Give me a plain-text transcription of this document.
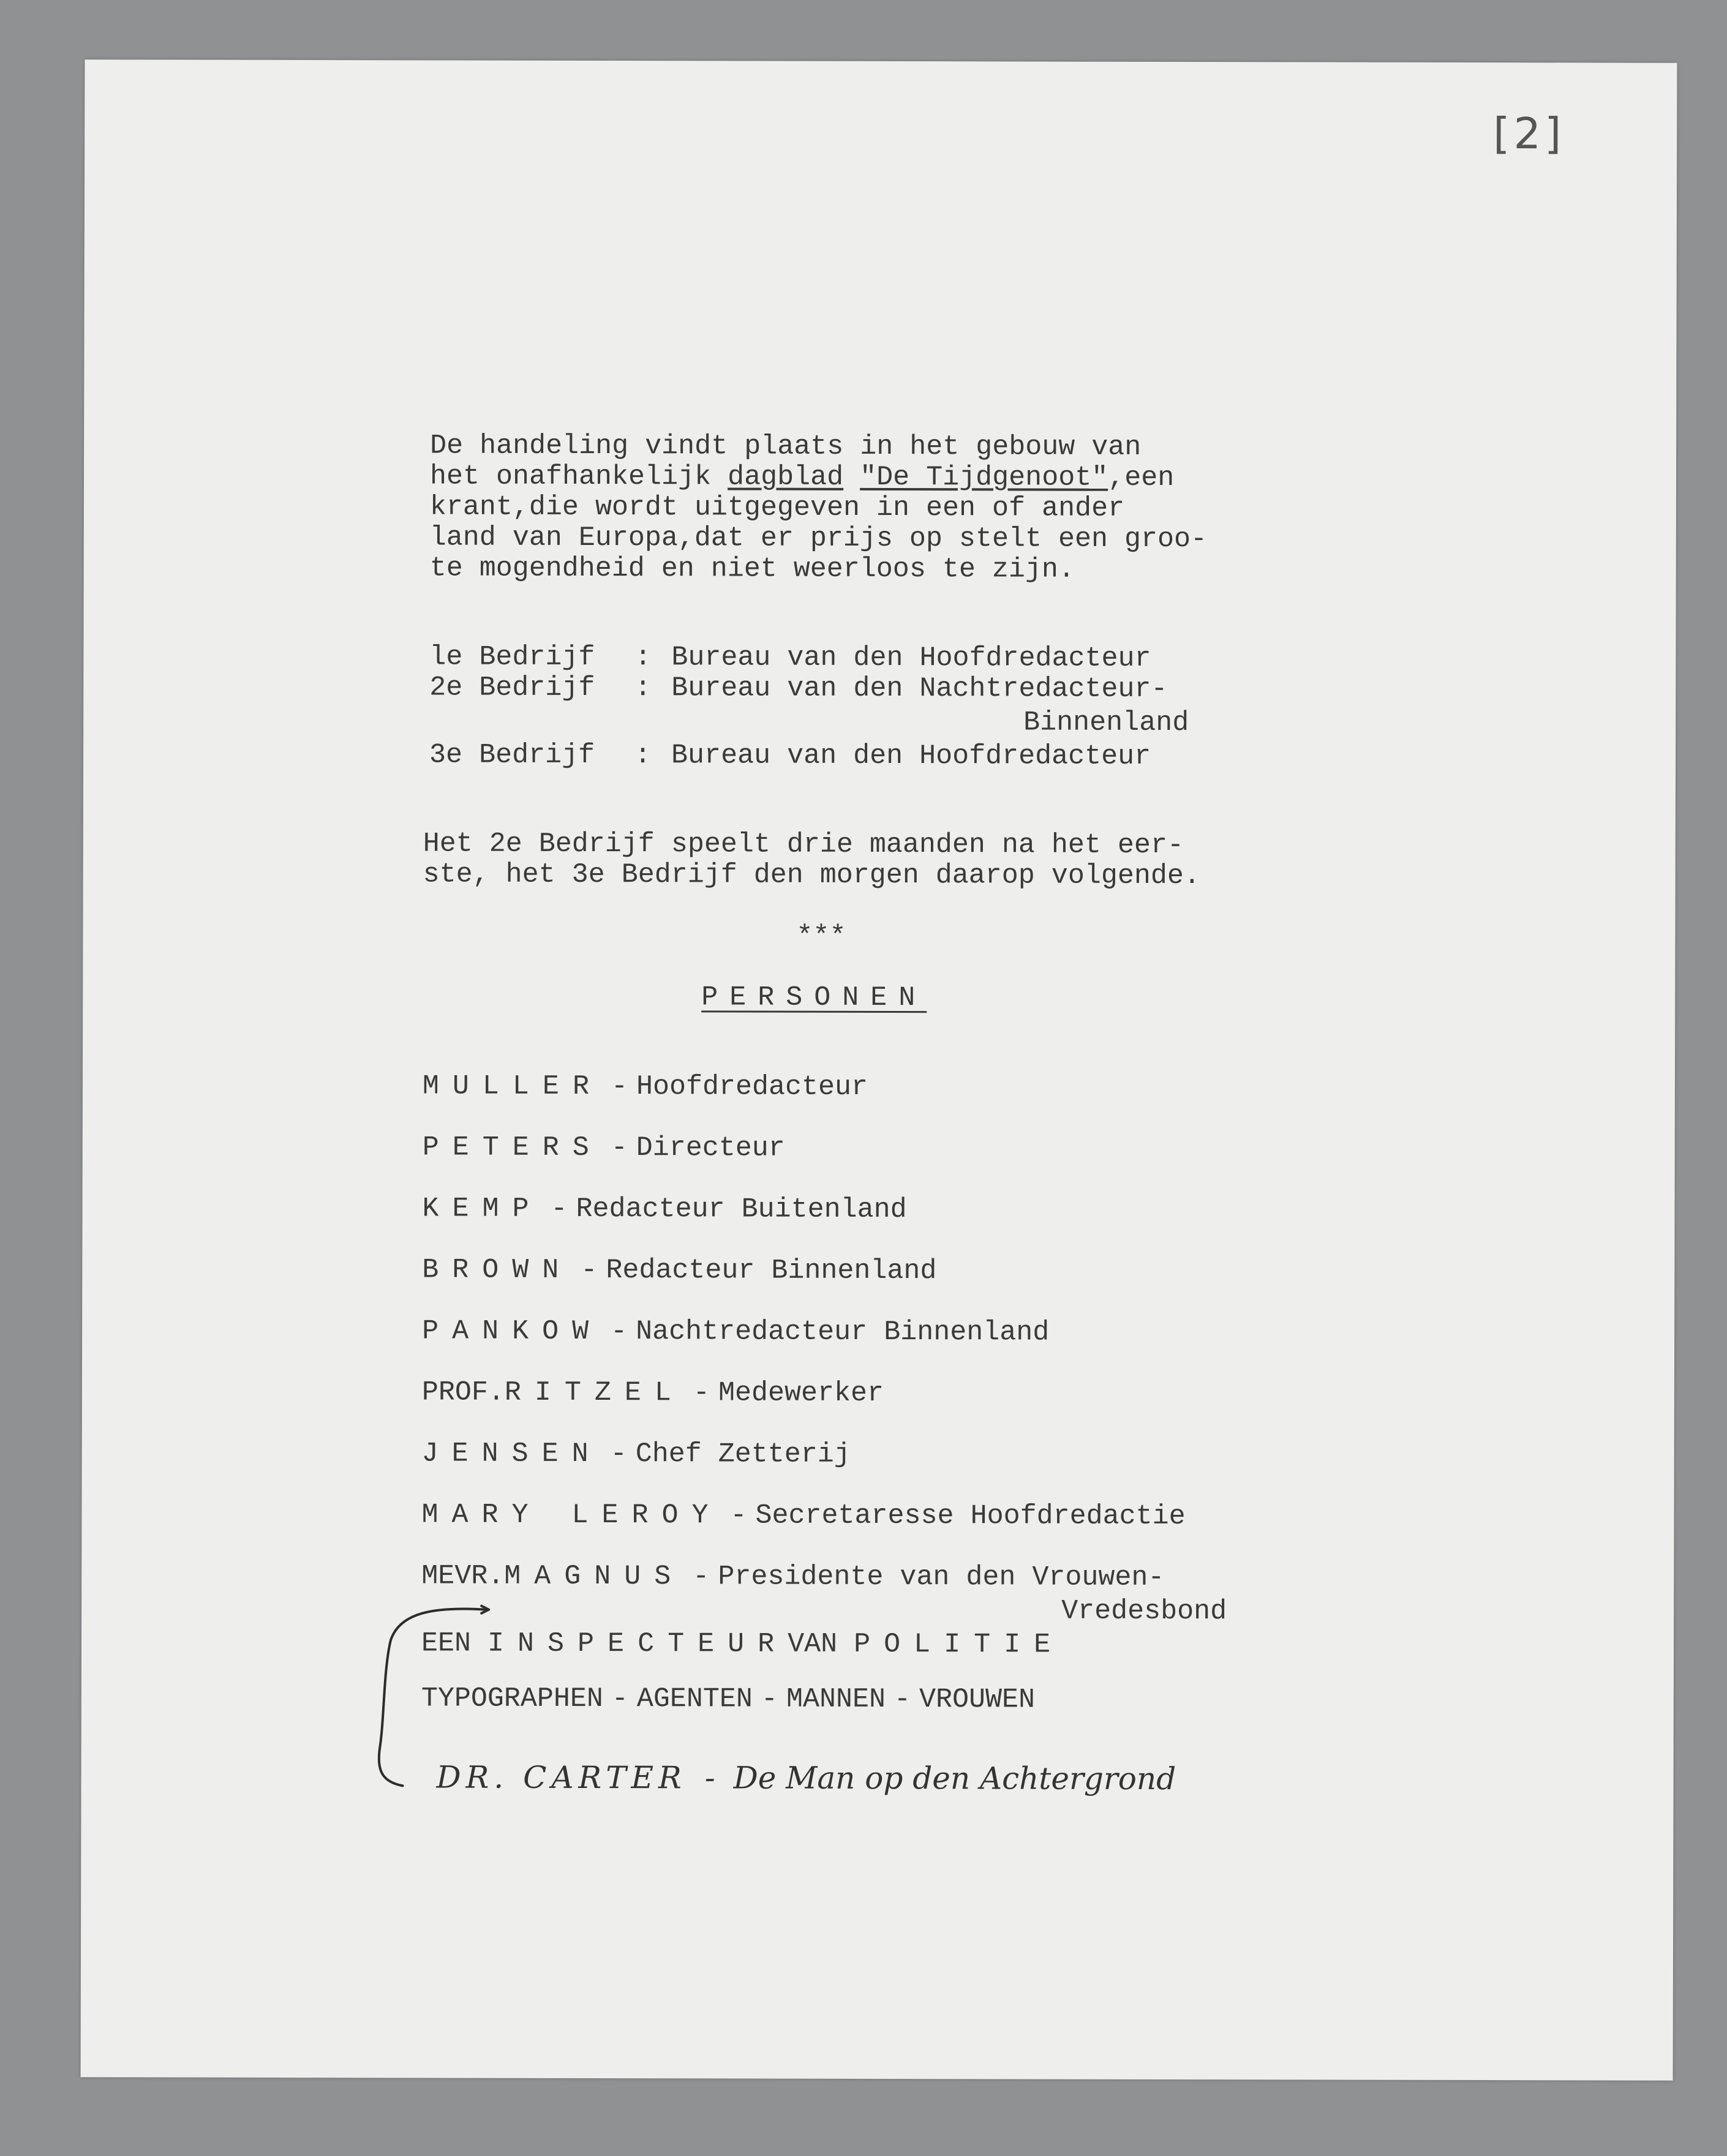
[2]
De handeling vindt plaats in het gebouw van
het onafhankelijk dagblad "De Tijdgenoot",een
krant,die wordt uitgegeven in een of ander
land van Europa,dat er prijs op stelt een groo-
te mogendheid en niet weerloos te zijn.
le Bedrijf : Bureau van den Hoofdredacteur
2e Bedrijf : Bureau van den Nachtredacteur-
Binnenland
3e Bedrijf : Bureau van den Hoofdredacteur
Het 2e Bedrijf speelt drie maanden na het eer-
ste, het 3e Bedrijf den morgen daarop volgende.
***
PERSONEN
MULLER - Hoofdredacteur
PETERS - Directeur
KEMP - Redacteur Buitenland
BROWN - Redacteur Binnenland
PANKOW - Nachtredacteur Binnenland
PROF.RITZEL - Medewerker
JENSEN - Chef Zetterij
MARY LEROY - Secretaresse Hoofdredactie
MEVR.MAGNUS - Presidente van den Vrouwen-
Vredesbond
EEN INSPECTEURVAN POLITIE
TYPOGRAPHEN - AGENTEN - MANNEN - VROUWEN
DR. CARTER - De Man op den Achtergrond
